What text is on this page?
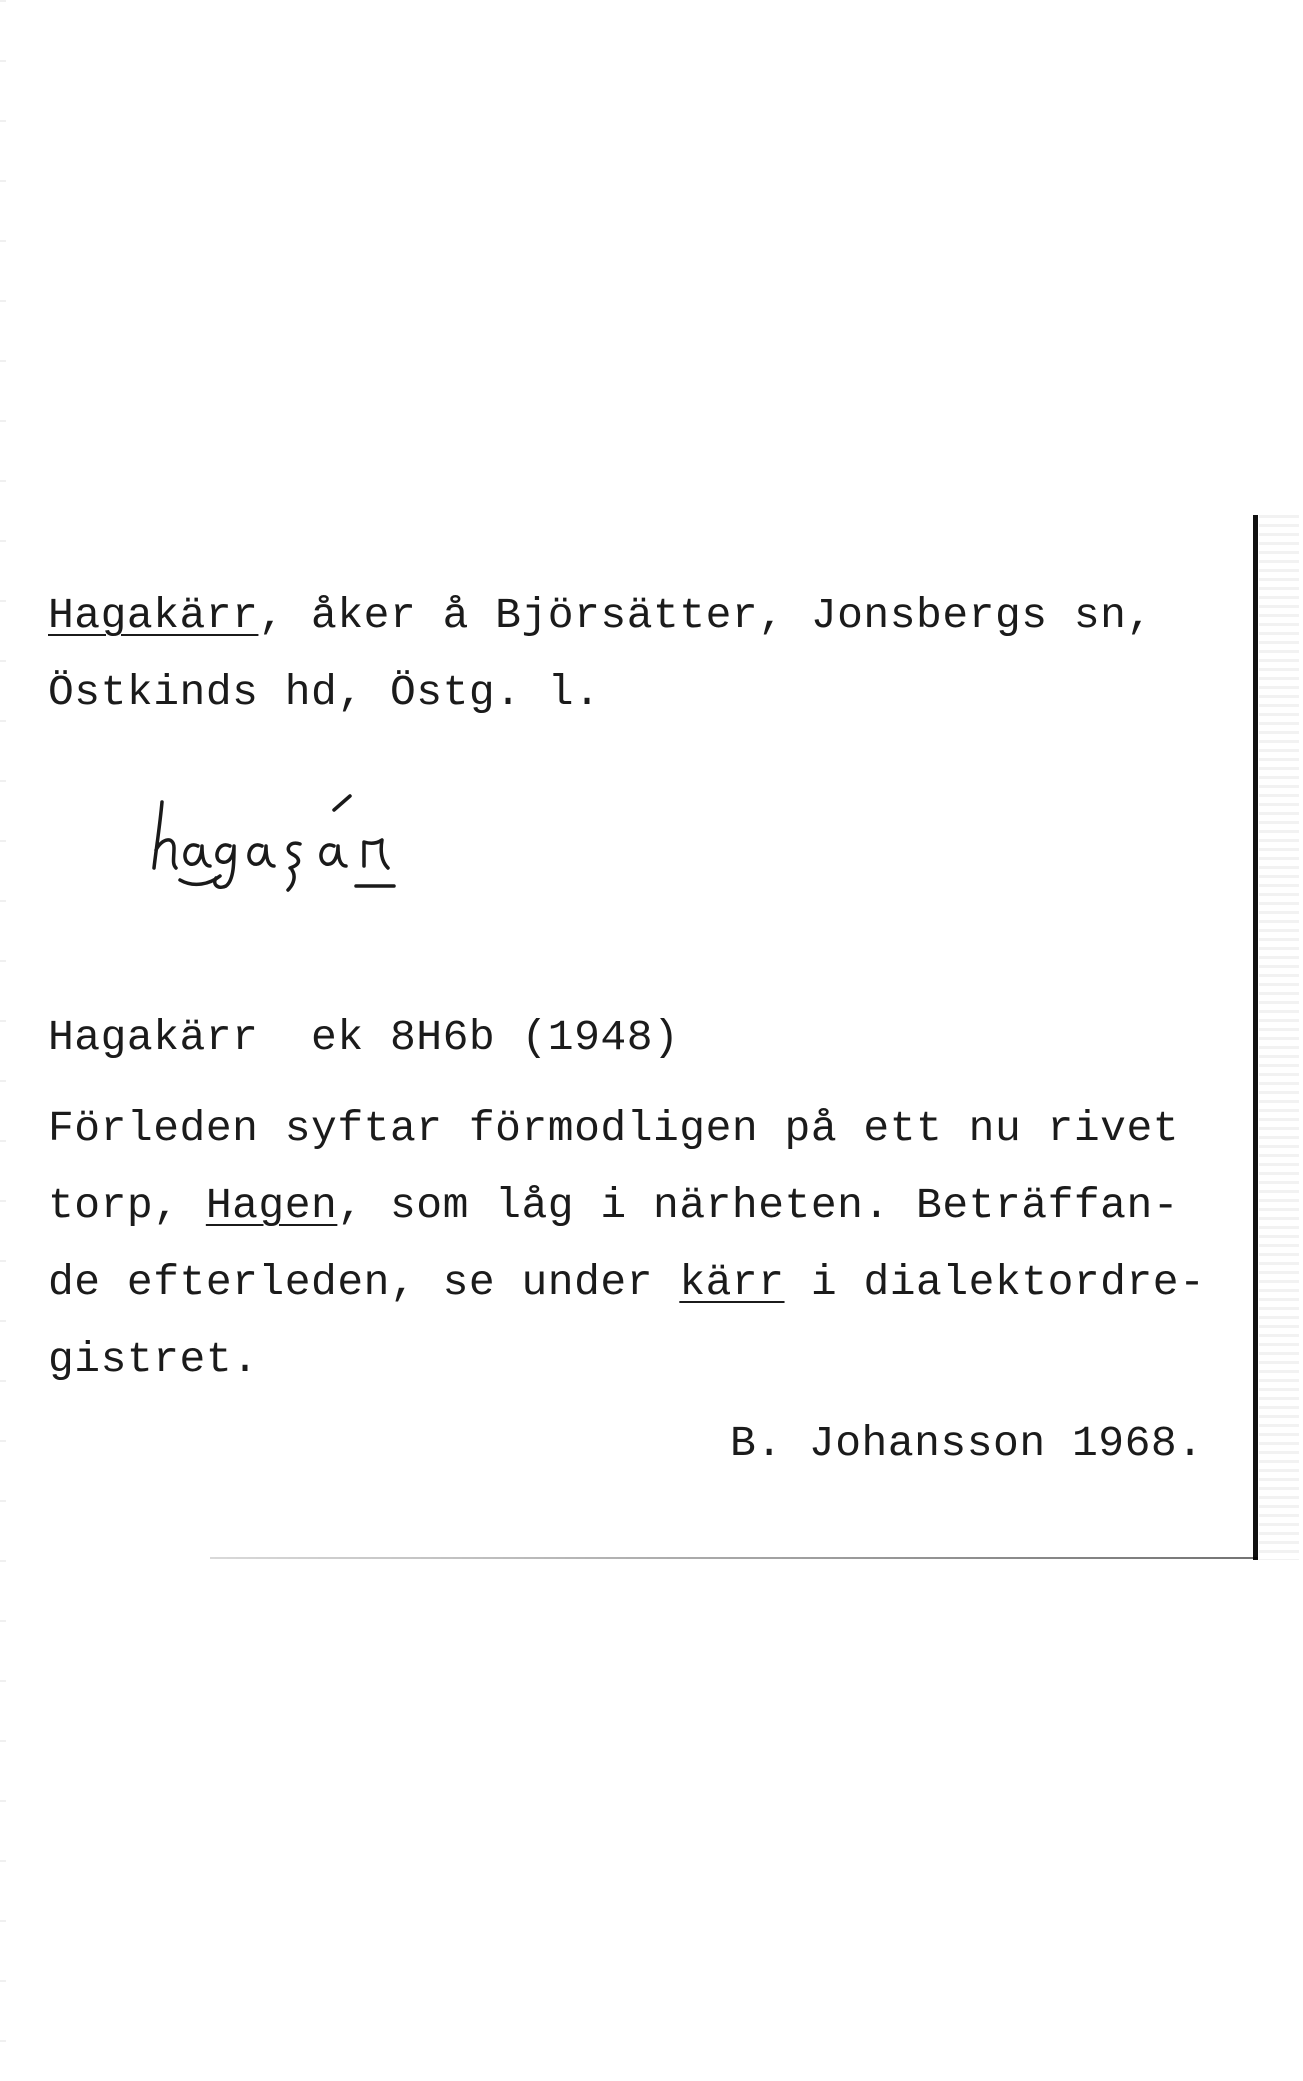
Hagakärr, åker å Björsätter, Jonsbergs sn,
Östkinds hd, Östg. l.
Hagakärr ek 8H6b (1948)
Förleden syftar förmodligen på ett nu rivet
torp, Hagen, som låg i närheten. Beträffan-
de efterleden, se under kärr i dialektordre-
gistret.
B. Johansson 1968.
